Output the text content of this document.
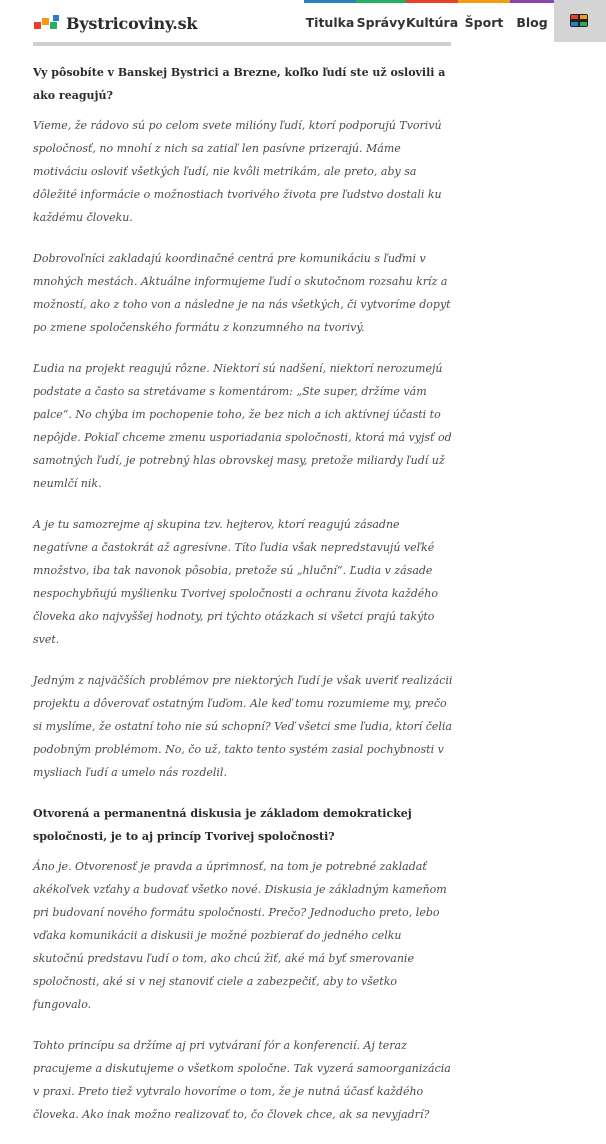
Bystricoviny.sk	Titulka Správy Kultúra Šport	Blog

Vy pôsobíte v Banskej Bystrici a Brezne, koľko ľudí ste už oslovili a ako reagujú?

Vieme, že rádovo sú po celom svete milióny ľudí, ktorí podporujú Tvorivú spoločnosť, no mnohí z nich sa zatiaľ len pasívne prizerajú. Máme motiváciu osloviť všetkých ľudí, nie kvôli metrikám, ale preto, aby sa dôležité informácie o možnostiach tvorivého života pre ľudstvo dostali ku každému človeku.

Dobrovoľníci zakladajú koordinačné centrá pre komunikáciu s ľuďmi v mnohých mestách. Aktuálne informujeme ľudí o skutočnom rozsahu kríz a možností, ako z toho von a následne je na nás všetkých, či vytvoríme dopyt po zmene spoločenského formátu z konzumného na tvorivý.

Ľudia na projekt reagujú rôzne. Niektorí sú nadšení, niektorí nerozumejú podstate a často sa stretávame s komentárom: „Ste super, držíme vám palce“. No chýba im pochopenie toho, že bez nich a ich aktívnej účasti to nepôjde. Pokiaľ chceme zmenu usporiadania spoločnosti, ktorá má vyjsť od samotných ľudí, je potrebný hlas obrovskej masy, pretože miliardy ľudí už neumlčí nik.

A je tu samozrejme aj skupina tzv. hejterov, ktorí reagujú zásadne negatívne a častokrát až agresívne. Títo ľudia však nepredstavujú veľké množstvo, iba tak navonok pôsobia, pretože sú „hluční“. Ľudia v zásade nespochybňujú myšlienku Tvorivej spoločnosti a ochranu života každého človeka ako najvyššej hodnoty, pri týchto otázkach si všetci prajú takýto svet.

Jedným z najväčších problémov pre niektorých ľudí je však uveriť realizácii projektu a dôverovať ostatným ľuďom. Ale keď tomu rozumieme my, prečo si myslíme, že ostatní toho nie sú schopní? Veď všetci sme ľudia, ktorí čelia podobným problémom. No, čo už, takto tento systém zasial pochybnosti v mysliach ľudí a umelo nás rozdelil.

Otvorená a permanentná diskusia je základom demokratickej spoločnosti, je to aj princíp Tvorivej spoločnosti?

Áno je. Otvorenosť je pravda a úprimnosť, na tom je potrebné zakladať akékoľvek vzťahy a budovať všetko nové. Diskusia je základným kameňom pri budovaní nového formátu spoločnosti. Prečo? Jednoducho preto, lebo vďaka komunikácii a diskusii je možné pozbierať do jedného celku skutočnú predstavu ľudí o tom, ako chcú žiť, aké má byť smerovanie spoločnosti, aké si v nej stanoviť ciele a zabezpečiť, aby to všetko fungovalo.

Tohto princípu sa držíme aj pri vytváraní fór a konferencií. Aj teraz pracujeme a diskutujeme o všetkom spoločne. Tak vyzerá samoorganizácia v praxi. Preto tiež vytvralo hovoríme o tom, že je nutná účasť každého človeka. Ako inak možno realizovať to, čo človek chce, ak sa nevyjadrí?
